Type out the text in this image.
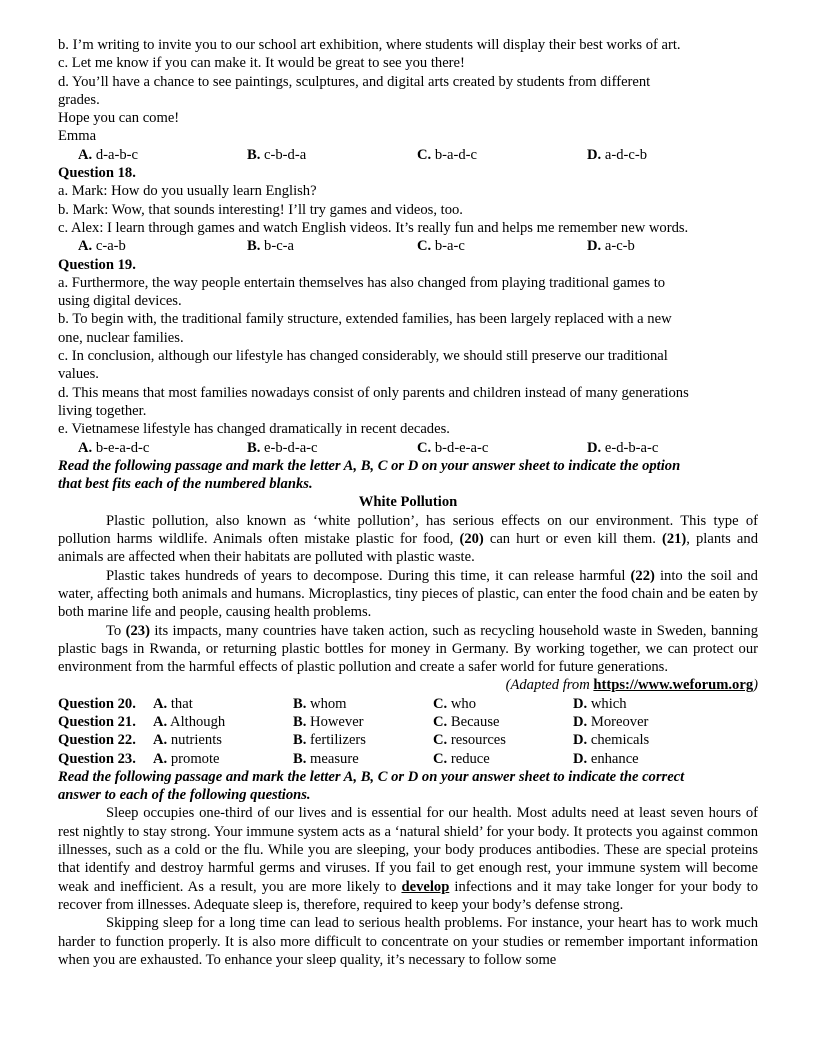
b. I’m writing to invite you to our school art exhibition, where students will display their best works of art.
c. Let me know if you can make it. It would be great to see you there!
d. You’ll have a chance to see paintings, sculptures, and digital arts created by students from different
grades.
Hope you can come!
Emma
A. d-a-b-c	B. c-b-d-a	C. b-a-d-c	D. a-d-c-b
Question 18.
a. Mark: How do you usually learn English?
b. Mark: Wow, that sounds interesting! I’ll try games and videos, too.
c. Alex: I learn through games and watch English videos. It’s really fun and helps me remember new words.
A. c-a-b	B. b-c-a	C. b-a-c	D. a-c-b
Question 19.
a. Furthermore, the way people entertain themselves has also changed from playing traditional games to
using digital devices.
b. To begin with, the traditional family structure, extended families, has been largely replaced with a new
one, nuclear families.
c. In conclusion, although our lifestyle has changed considerably, we should still preserve our traditional
values.
d. This means that most families nowadays consist of only parents and children instead of many generations
living together.
e. Vietnamese lifestyle has changed dramatically in recent decades.
A. b-e-a-d-c	B. e-b-d-a-c	C. b-d-e-a-c	D. e-d-b-a-c
Read the following passage and mark the letter A, B, C or D on your answer sheet to indicate the option
that best fits each of the numbered blanks.
White Pollution
Plastic pollution, also known as ‘white pollution’, has serious effects on our environment. This type of pollution harms wildlife. Animals often mistake plastic for food, (20) can hurt or even kill them. (21), plants and animals are affected when their habitats are polluted with plastic waste.
Plastic takes hundreds of years to decompose. During this time, it can release harmful (22) into the soil and water, affecting both animals and humans. Microplastics, tiny pieces of plastic, can enter the food chain and be eaten by both marine life and people, causing health problems.
To (23) its impacts, many countries have taken action, such as recycling household waste in Sweden, banning plastic bags in Rwanda, or returning plastic bottles for money in Germany. By working together, we can protect our environment from the harmful effects of plastic pollution and create a safer world for future generations.
(Adapted from https://www.weforum.org)
Question 20. A. that	B. whom	C. who	D. which
Question 21. A. Although	B. However	C. Because	D. Moreover
Question 22. A. nutrients	B. fertilizers	C. resources	D. chemicals
Question 23. A. promote	B. measure	C. reduce	D. enhance
Read the following passage and mark the letter A, B, C or D on your answer sheet to indicate the correct
answer to each of the following questions.
Sleep occupies one-third of our lives and is essential for our health. Most adults need at least seven hours of rest nightly to stay strong. Your immune system acts as a ‘natural shield’ for your body. It protects you against common illnesses, such as a cold or the flu. While you are sleeping, your body produces antibodies. These are special proteins that identify and destroy harmful germs and viruses. If you fail to get enough rest, your immune system will become weak and inefficient. As a result, you are more likely to develop infections and it may take longer for your body to recover from illnesses. Adequate sleep is, therefore, required to keep your body’s defense strong.
Skipping sleep for a long time can lead to serious health problems. For instance, your heart has to work much harder to function properly. It is also more difficult to concentrate on your studies or remember important information when you are exhausted. To enhance your sleep quality, it’s necessary to follow some
